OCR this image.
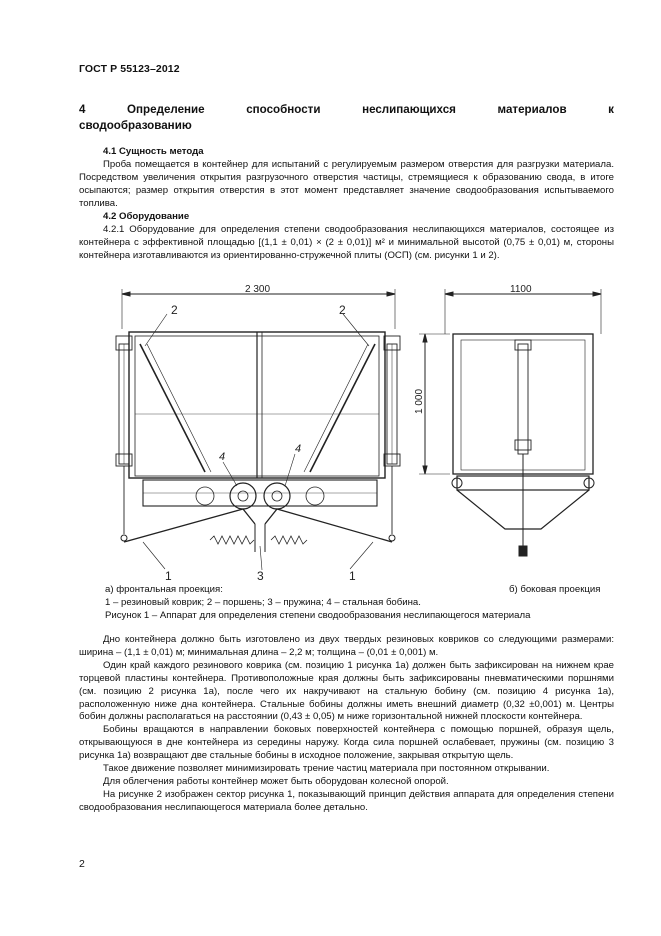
ГОСТ Р 55123–2012
4	Определение	способности	неслипающихся	материалов	к
сводообразованию

4.1 Сущность метода

Проба помещается в контейнер для испытаний с регулируемым размером отверстия для разгрузки материала. Посредством увеличения открытия разгрузочного отверстия частицы, стремящиеся к образованию свода, в итоге осыпаются; размер открытия отверстия в этот момент представляет значение сводообразования испытываемого топлива.

4.2 Оборудование

4.2.1 Оборудование для определения степени сводообразования неслипающихся материалов, состоящее из контейнера с эффективной площадью [(1,1 ± 0,01) × (2 ± 0,01)] м² и минимальной высотой (0,75 ± 0,01) м, стороны контейнера изготавливаются из ориентированно-стружечной плиты (ОСП) (см. рисунки 1 и 2).

2 300	1100
1 000
2	2
4
4
1	1
3
а) фронтальная проекция:	б) боковая проекция
1 – резиновый коврик; 2 – поршень; 3 – пружина; 4 – стальная бобина.
Рисунок 1 – Аппарат для определения степени сводообразования неслипающегося материала

Дно контейнера должно быть изготовлено из двух твердых резиновых ковриков со следующими размерами: ширина – (1,1 ± 0,01) м; минимальная длина – 2,2 м; толщина – (0,01 ± 0,001) м.

Один край каждого резинового коврика (см. позицию 1 рисунка 1а) должен быть зафиксирован на нижнем крае торцевой пластины контейнера. Противоположные края должны быть зафиксированы пневматическими поршнями (см. позицию 2 рисунка 1а), после чего их накручивают на стальную бобину (см. позицию 4 рисунка 1а), расположенную ниже дна контейнера. Стальные бобины должны иметь внешний диаметр (0,32 ±0,001) м. Центры бобин должны располагаться на расстоянии (0,43 ± 0,05) м ниже горизонтальной нижней плоскости контейнера.

Бобины вращаются в направлении боковых поверхностей контейнера с помощью поршней, образуя щель, открывающуюся в дне контейнера из середины наружу. Когда сила поршней ослабевает, пружины (см. позицию 3 рисунка 1а) возвращают две стальные бобины в исходное положение, закрывая открытую щель.

Такое движение позволяет минимизировать трение частиц материала при постоянном открывании.

Для облегчения работы контейнер может быть оборудован колесной опорой.

На рисунке 2 изображен сектор рисунка 1, показывающий принцип действия аппарата для определения степени сводообразования неслипающегося материала более детально.

2
